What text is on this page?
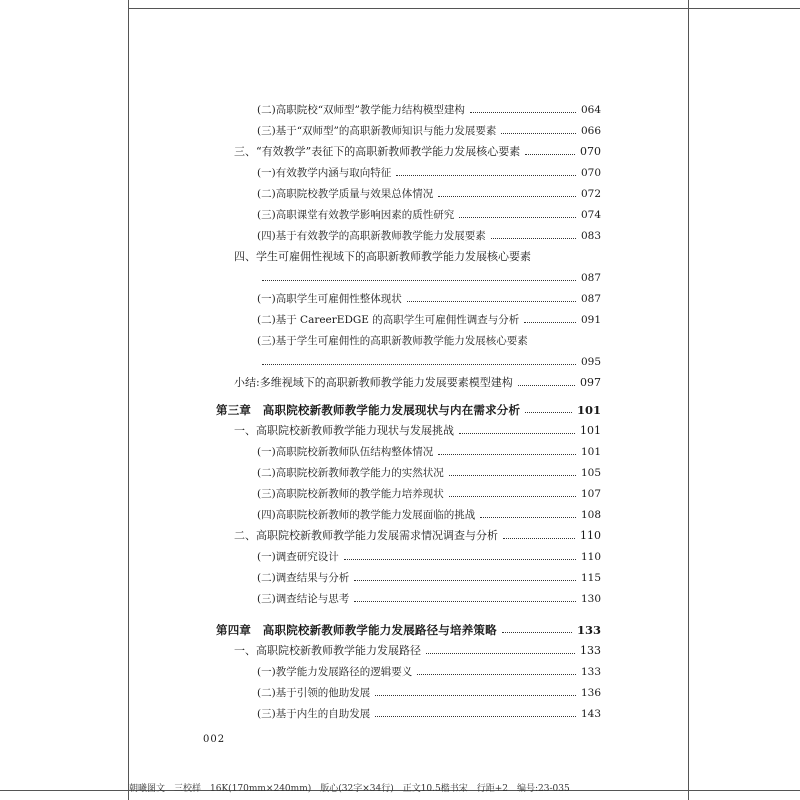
(二)高职院校“双师型”教学能力结构模型建构	064
(三)基于“双师型”的高职新教师知识与能力发展要素	066
三、“有效教学”表征下的高职新教师教学能力发展核心要素	070
(一)有效教学内涵与取向特征	070
(二)高职院校教学质量与效果总体情况	072
(三)高职课堂有效教学影响因素的质性研究	074
(四)基于有效教学的高职新教师教学能力发展要素	083
四、学生可雇佣性视域下的高职新教师教学能力发展核心要素
087
(一)高职学生可雇佣性整体现状	087
(二)基于 CareerEDGE 的高职学生可雇佣性调查与分析	091
(三)基于学生可雇佣性的高职新教师教学能力发展核心要素
095
小结:多维视域下的高职新教师教学能力发展要素模型建构	097
第三章　高职院校新教师教学能力发展现状与内在需求分析	101
一、高职院校新教师教学能力现状与发展挑战	101
(一)高职院校新教师队伍结构整体情况	101
(二)高职院校新教师教学能力的实然状况	105
(三)高职院校新教师的教学能力培养现状	107
(四)高职院校新教师的教学能力发展面临的挑战	108
二、高职院校新教师教学能力发展需求情况调查与分析	110
(一)调查研究设计	110
(二)调查结果与分析	115
(三)调查结论与思考	130
第四章　高职院校新教师教学能力发展路径与培养策略	133
一、高职院校新教师教学能力发展路径	133
(一)教学能力发展路径的逻辑要义	133
(二)基于引领的他助发展	136
(三)基于内生的自助发展	143
002
朝曦图文　三校样　16K(170mm×240mm)　版心(32字×34行)　正文10.5楷书宋　行距+2　编号:23-035
